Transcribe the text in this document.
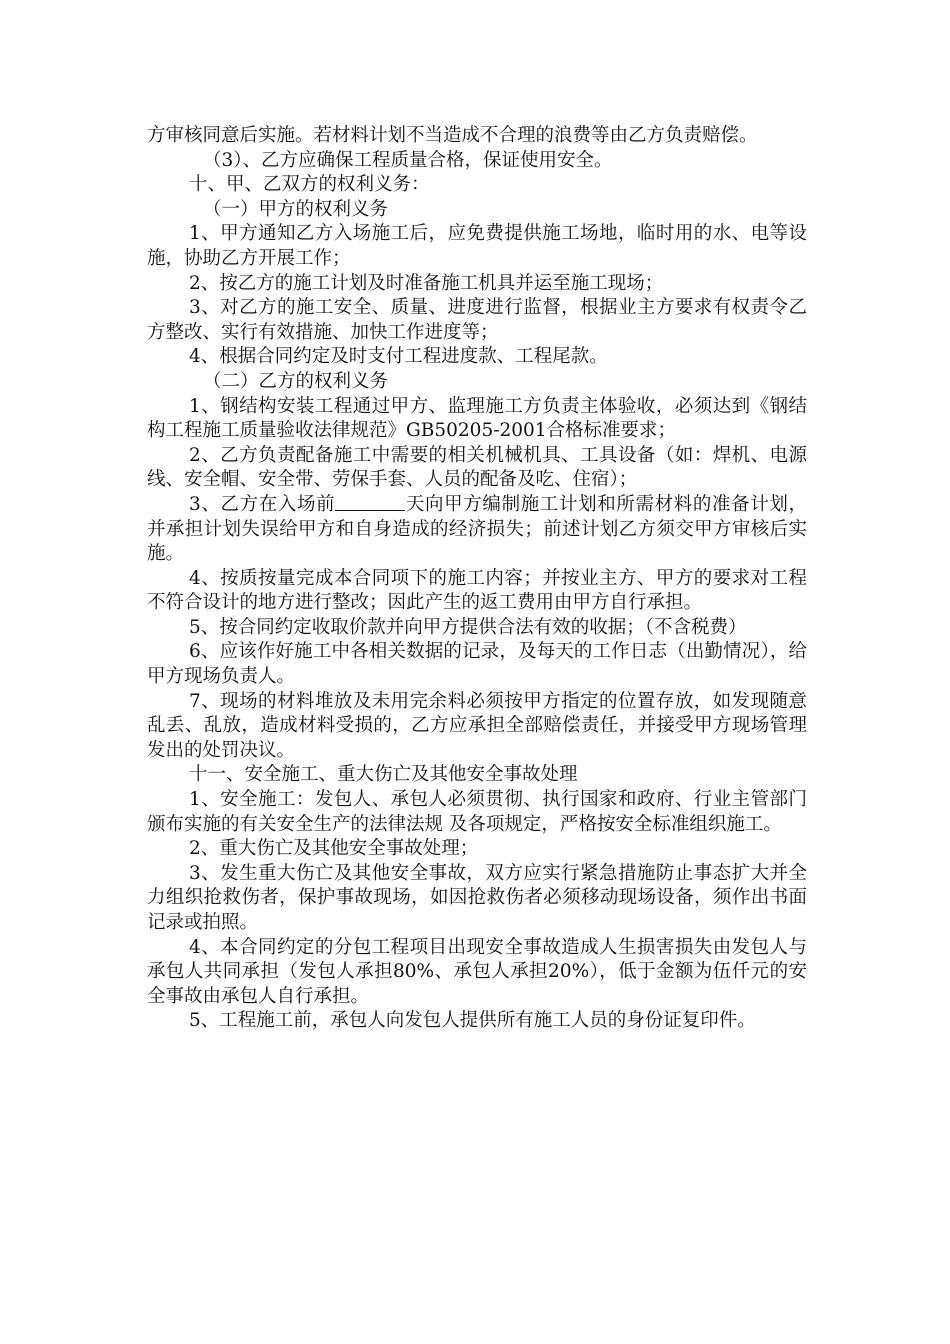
方审核同意后实施。若材料计划不当造成不合理的浪费等由乙方负责赔偿。

（3）、乙方应确保工程质量合格，保证使用安全。

十、甲、乙双方的权利义务：

（一）甲方的权利义务

1、甲方通知乙方入场施工后，应免费提供施工场地，临时用的水、电等设施，协助乙方开展工作；

2、按乙方的施工计划及时准备施工机具并运至施工现场；

3、对乙方的施工安全、质量、进度进行监督，根据业主方要求有权责令乙方整改、实行有效措施、加快工作进度等；

4、根据合同约定及时支付工程进度款、工程尾款。

（二）乙方的权利义务

1、钢结构安装工程通过甲方、监理施工方负责主体验收，必须达到《钢结构工程施工质量验收法律规范》GB50205-2001合格标准要求；

2、乙方负责配备施工中需要的相关机械机具、工具设备（如：焊机、电源线、安全帽、安全带、劳保手套、人员的配备及吃、住宿）；

3、乙方在入场前	天向甲方编制施工计划和所需材料的准备计划，并承担计划失误给甲方和自身造成的经济损失；前述计划乙方须交甲方审核后实施。

4、按质按量完成本合同项下的施工内容；并按业主方、甲方的要求对工程不符合设计的地方进行整改；因此产生的返工费用由甲方自行承担。

5、按合同约定收取价款并向甲方提供合法有效的收据；（不含税费）

6、应该作好施工中各相关数据的记录，及每天的工作日志（出勤情况），给甲方现场负责人。

7、现场的材料堆放及未用完余料必须按甲方指定的位置存放，如发现随意乱丢、乱放，造成材料受损的，乙方应承担全部赔偿责任，并接受甲方现场管理发出的处罚决议。

十一、安全施工、重大伤亡及其他安全事故处理

1、安全施工：发包人、承包人必须贯彻、执行国家和政府、行业主管部门颁布实施的有关安全生产的法律法规 及各项规定，严格按安全标准组织施工。

2、重大伤亡及其他安全事故处理；

3、发生重大伤亡及其他安全事故，双方应实行紧急措施防止事态扩大并全力组织抢救伤者，保护事故现场，如因抢救伤者必须移动现场设备，须作出书面记录或拍照。

4、本合同约定的分包工程项目出现安全事故造成人生损害损失由发包人与承包人共同承担（发包人承担80%、承包人承担20%），低于金额为伍仟元的安全事故由承包人自行承担。

5、工程施工前，承包人向发包人提供所有施工人员的身份证复印件。
